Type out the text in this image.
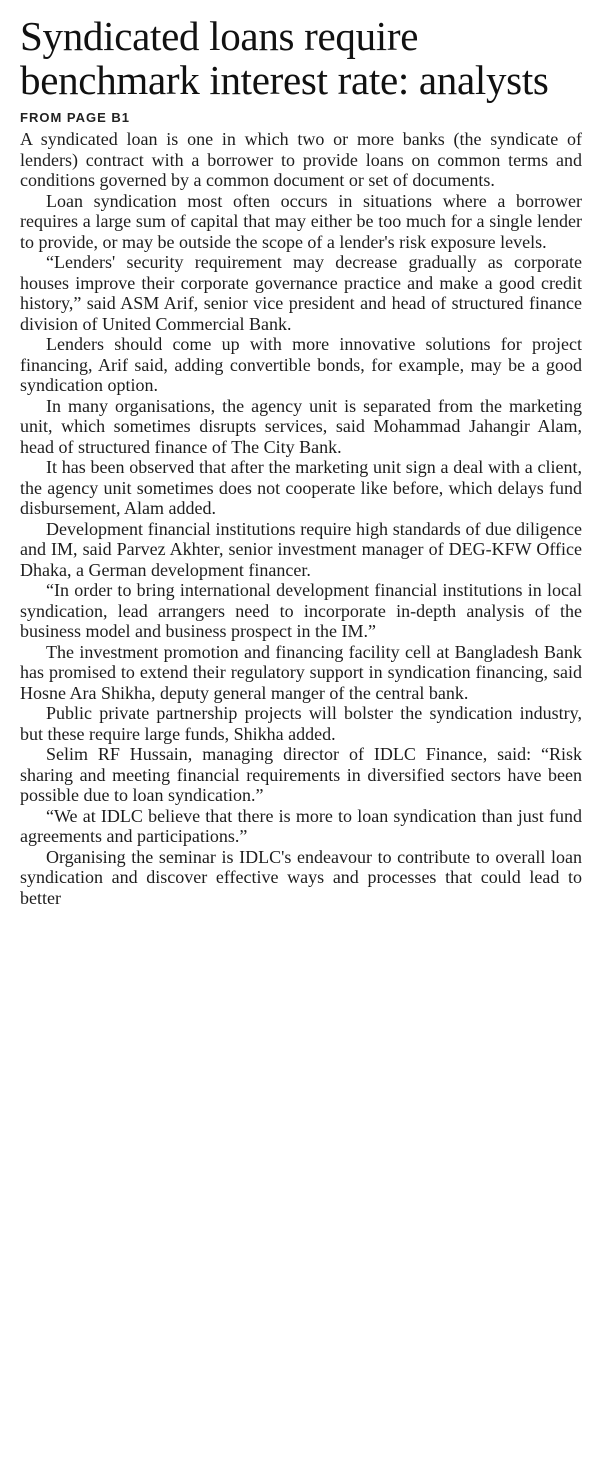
Syndicated loans require
benchmark interest rate: analysts
FROM PAGE B1

A syndicated loan is one in which two or more banks (the syndicate of lenders) contract with a borrower to provide loans on common terms and conditions governed by a common document or set of documents.

Loan syndication most often occurs in situations where a borrower requires a large sum of capital that may either be too much for a single lender to provide, or may be outside the scope of a lender's risk exposure levels.

“Lenders' security requirement may decrease gradually as corporate houses improve their corporate governance practice and make a good credit history,” said ASM Arif, senior vice president and head of structured finance division of United Commercial Bank.

Lenders should come up with more innovative solutions for project financing, Arif said, adding convertible bonds, for example, may be a good syndication option.

In many organisations, the agency unit is separated from the marketing unit, which sometimes disrupts services, said Mohammad Jahangir Alam, head of structured finance of The City Bank.

It has been observed that after the marketing unit sign a deal with a client, the agency unit sometimes does not cooperate like before, which delays fund disbursement, Alam added.

Development financial institutions require high standards of due diligence and IM, said Parvez Akhter, senior investment manager of DEG-KFW Office Dhaka, a German development financer.

“In order to bring international development financial institutions in local syndication, lead arrangers need to incorporate in-depth analysis of the business model and business prospect in the IM.”

The investment promotion and financing facility cell at Bangladesh Bank has promised to extend their regulatory support in syndication financing, said Hosne Ara Shikha, deputy general manger of the central bank.

Public private partnership projects will bolster the syndication industry, but these require large funds, Shikha added.

Selim RF Hussain, managing director of IDLC Finance, said: “Risk sharing and meeting financial requirements in diversified sectors have been possible due to loan syndication.”

“We at IDLC believe that there is more to loan syndication than just fund agreements and participations.”

Organising the seminar is IDLC's endeavour to contribute to overall loan syndication and discover effective ways and processes that could lead to better
